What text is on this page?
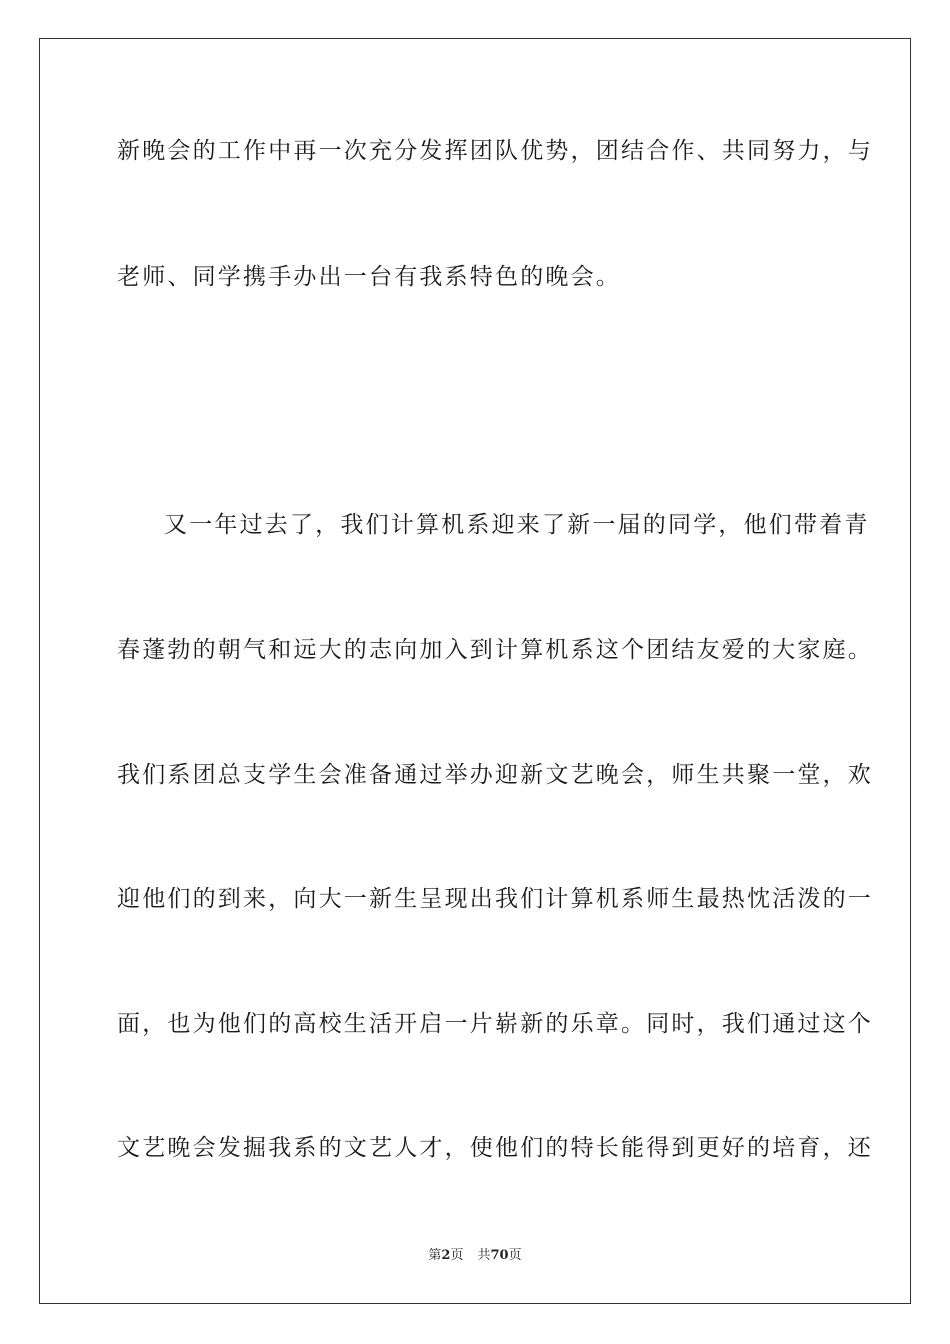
新晚会的工作中再一次充分发挥团队优势，团结合作、共同努力，与
老师、同学携手办出一台有我系特色的晚会。
又一年过去了，我们计算机系迎来了新一届的同学，他们带着青
春蓬勃的朝气和远大的志向加入到计算机系这个团结友爱的大家庭。
我们系团总支学生会准备通过举办迎新文艺晚会，师生共聚一堂，欢
迎他们的到来，向大一新生呈现出我们计算机系师生最热忱活泼的一
面，也为他们的高校生活开启一片崭新的乐章。同时，我们通过这个
文艺晚会发掘我系的文艺人才，使他们的特长能得到更好的培育，还
第2页 共70页
